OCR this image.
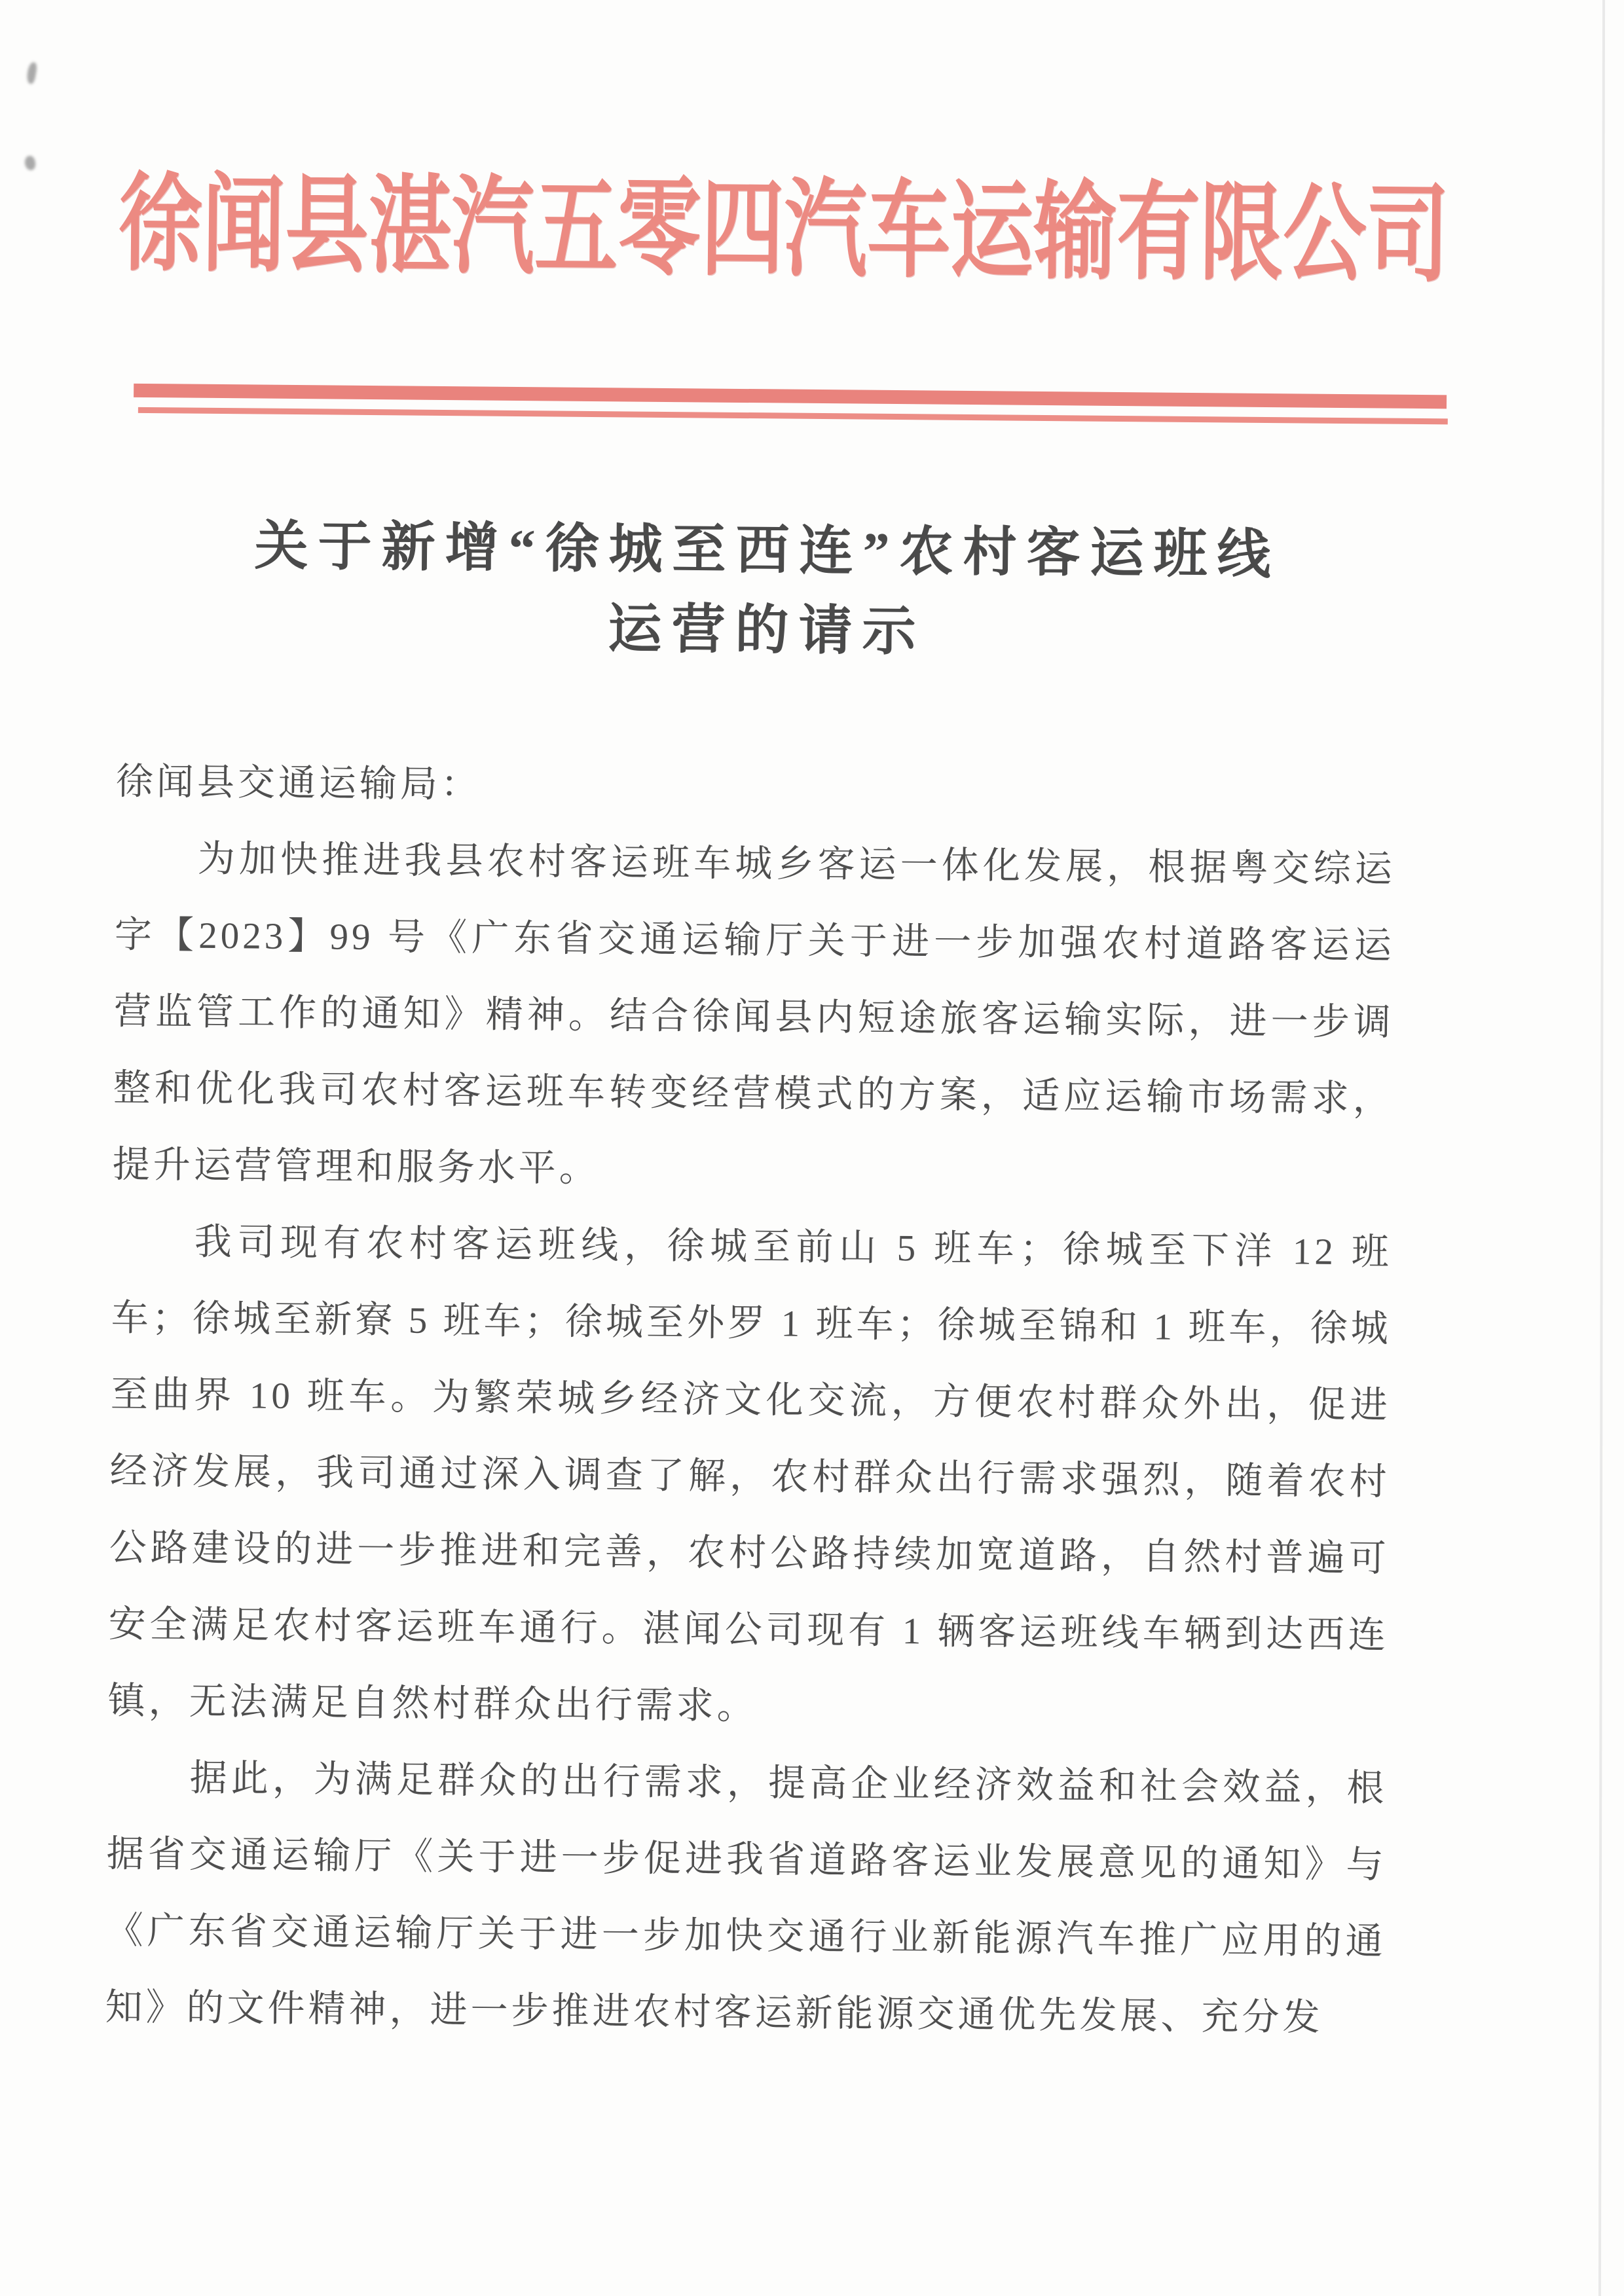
徐闻县湛汽五零四汽车运输有限公司
关于新增“徐城至西连”农村客运班线
运营的请示

徐闻县交通运输局：

为加快推进我县农村客运班车城乡客运一体化发展，根据粤交综运字【2023】99 号《广东省交通运输厅关于进一步加强农村道路客运运营监管工作的通知》精神。结合徐闻县内短途旅客运输实际，进一步调整和优化我司农村客运班车转变经营模式的方案，适应运输市场需求，提升运营管理和服务水平。

我司现有农村客运班线，徐城至前山 5 班车；徐城至下洋 12 班车；徐城至新寮 5 班车；徐城至外罗 1 班车；徐城至锦和 1 班车，徐城至曲界 10 班车。为繁荣城乡经济文化交流，方便农村群众外出，促进经济发展，我司通过深入调查了解，农村群众出行需求强烈，随着农村公路建设的进一步推进和完善，农村公路持续加宽道路，自然村普遍可安全满足农村客运班车通行。湛闻公司现有 1 辆客运班线车辆到达西连镇，无法满足自然村群众出行需求。

据此，为满足群众的出行需求，提高企业经济效益和社会效益，根据省交通运输厅《关于进一步促进我省道路客运业发展意见的通知》与《广东省交通运输厅关于进一步加快交通行业新能源汽车推广应用的通知》的文件精神，进一步推进农村客运新能源交通优先发展、充分发
